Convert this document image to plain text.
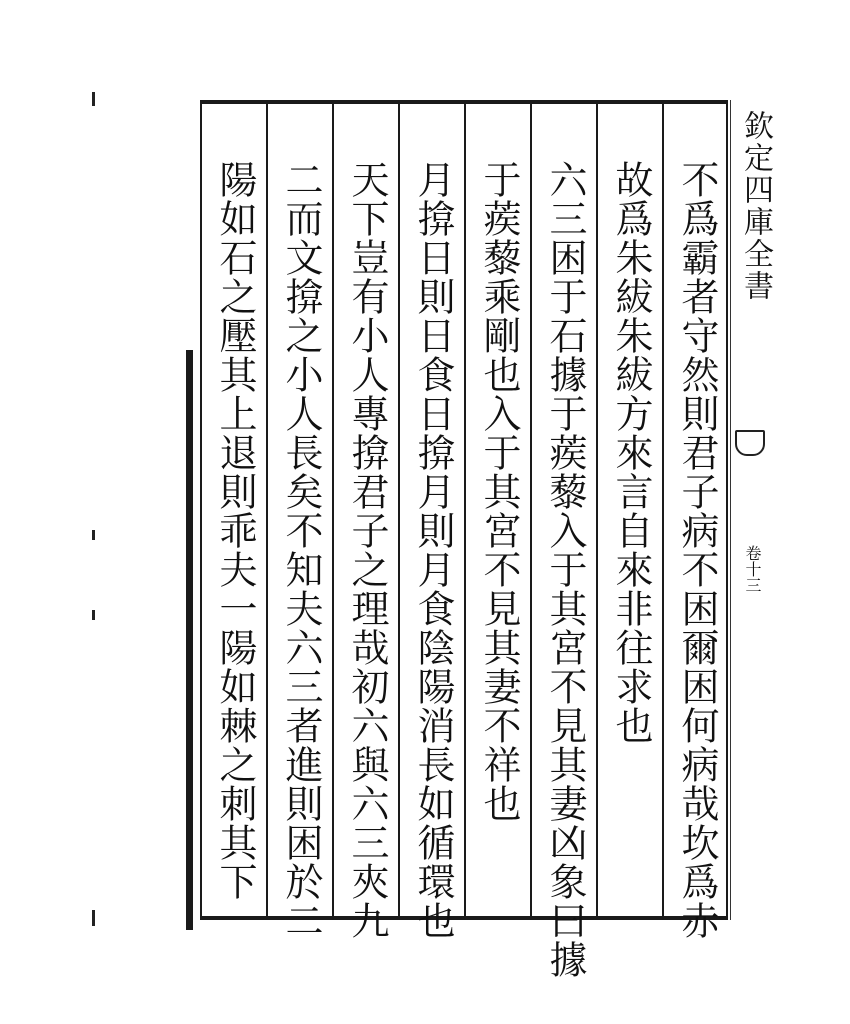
欽定四庫全書
卷十三
不爲霸者守然則君子病不困爾困何病哉坎爲赤
故爲朱紱朱紱方來言自來非往求也
六三困于石據于蒺藜入于其宮不見其妻凶象曰據
于蒺藜乘剛也入于其宮不見其妻不祥也
月揜日則日食日揜月則月食陰陽消長如循環也
天下豈有小人專揜君子之理哉初六與六三夾九
二而文揜之小人長矣不知夫六三者進則困於二
陽如石之壓其上退則乖夫一陽如棘之刺其下
